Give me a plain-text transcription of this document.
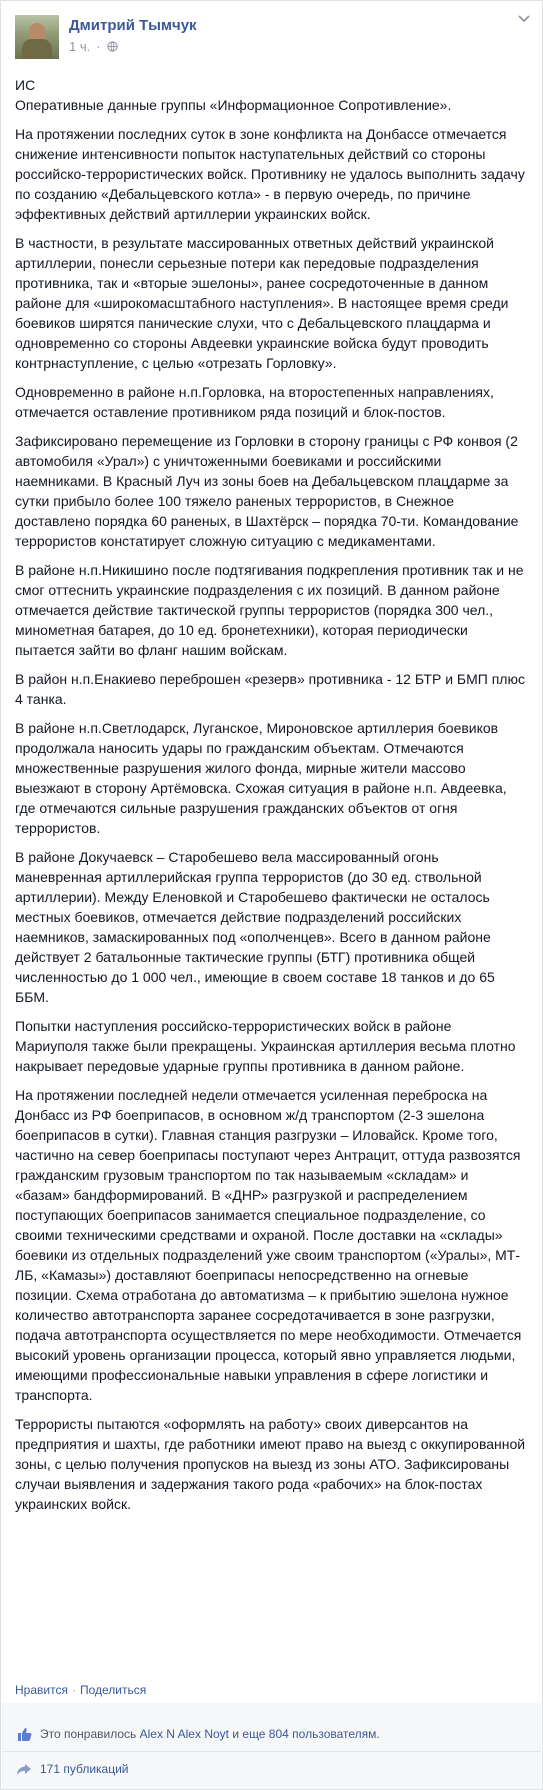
Дмитрий Тымчук
1 ч. ·

ИС

Оперативные данные группы «Информационное Сопротивление».

На протяжении последних суток в зоне конфликта на Донбассе отмечается снижение интенсивности попыток наступательных действий со стороны российско-террористических войск. Противнику не удалось выполнить задачу по созданию «Дебальцевского котла» - в первую очередь, по причине эффективных действий артиллерии украинских войск.

В частности, в результате массированных ответных действий украинской артиллерии, понесли серьезные потери как передовые подразделения противника, так и «вторые эшелоны», ранее сосредоточенные в данном районе для «широкомасштабного наступления». В настоящее время среди боевиков ширятся панические слухи, что с Дебальцевского плацдарма и одновременно со стороны Авдеевки украинские войска будут проводить контрнаступление, с целью «отрезать Горловку».

Одновременно в районе н.п.Горловка, на второстепенных направлениях, отмечается оставление противником ряда позиций и блок-постов.

Зафиксировано перемещение из Горловки в сторону границы с РФ конвоя (2 автомобиля «Урал») с уничтоженными боевиками и российскими наемниками. В Красный Луч из зоны боев на Дебальцевском плацдарме за сутки прибыло более 100 тяжело раненых террористов, в Снежное доставлено порядка 60 раненых, в Шахтёрск – порядка 70-ти. Командование террористов констатирует сложную ситуацию с медикаментами.

В районе н.п.Никишино после подтягивания подкрепления противник так и не смог оттеснить украинские подразделения с их позиций. В данном районе отмечается действие тактической группы террористов (порядка 300 чел., минометная батарея, до 10 ед. бронетехники), которая периодически пытается зайти во фланг нашим войскам.

В район н.п.Енакиево переброшен «резерв» противника - 12 БТР и БМП плюс 4 танка.

В районе н.п.Светлодарск, Луганское, Мироновское артиллерия боевиков продолжала наносить удары по гражданским объектам. Отмечаются множественные разрушения жилого фонда, мирные жители массово выезжают в сторону Артёмовска. Схожая ситуация в районе н.п. Авдеевка, где отмечаются сильные разрушения гражданских объектов от огня террористов.

В районе Докучаевск – Старобешево вела массированный огонь маневренная артиллерийская группа террористов (до 30 ед. ствольной артиллерии). Между Еленовкой и Старобешево фактически не осталось местных боевиков, отмечается действие подразделений российских наемников, замаскированных под «ополченцев». Всего в данном районе действует 2 батальонные тактические группы (БТГ) противника общей численностью до 1 000 чел., имеющие в своем составе 18 танков и до 65 ББМ.

Попытки наступления российско-террористических войск в районе Мариуполя также были прекращены. Украинская артиллерия весьма плотно накрывает передовые ударные группы противника в данном районе.

На протяжении последней недели отмечается усиленная переброска на Донбасс из РФ боеприпасов, в основном ж/д транспортом (2-3 эшелона боеприпасов в сутки). Главная станция разгрузки – Иловайск. Кроме того, частично на север боеприпасы поступают через Антрацит, оттуда развозятся гражданским грузовым транспортом по так называемым «складам» и «базам» бандформирований. В «ДНР» разгрузкой и распределением поступающих боеприпасов занимается специальное подразделение, со своими техническими средствами и охраной. После доставки на «склады» боевики из отдельных подразделений уже своим транспортом («Уралы», МТ-ЛБ, «Камазы») доставляют боеприпасы непосредственно на огневые позиции. Схема отработана до автоматизма – к прибытию эшелона нужное количество автотранспорта заранее сосредотачивается в зоне разгрузки, подача автотранспорта осуществляется по мере необходимости. Отмечается высокий уровень организации процесса, который явно управляется людьми, имеющими профессиональные навыки управления в сфере логистики и транспорта.

Террористы пытаются «оформлять на работу» своих диверсантов на предприятия и шахты, где работники имеют право на выезд с оккупированной зоны, с целью получения пропусков на выезд из зоны АТО. Зафиксированы случаи выявления и задержания такого рода «рабочих» на блок-постах украинских войск.

Нравится · Поделиться
Это понравилось
Alex N Alex Noyt
и
еще 804 пользователям .
171 публикаций
